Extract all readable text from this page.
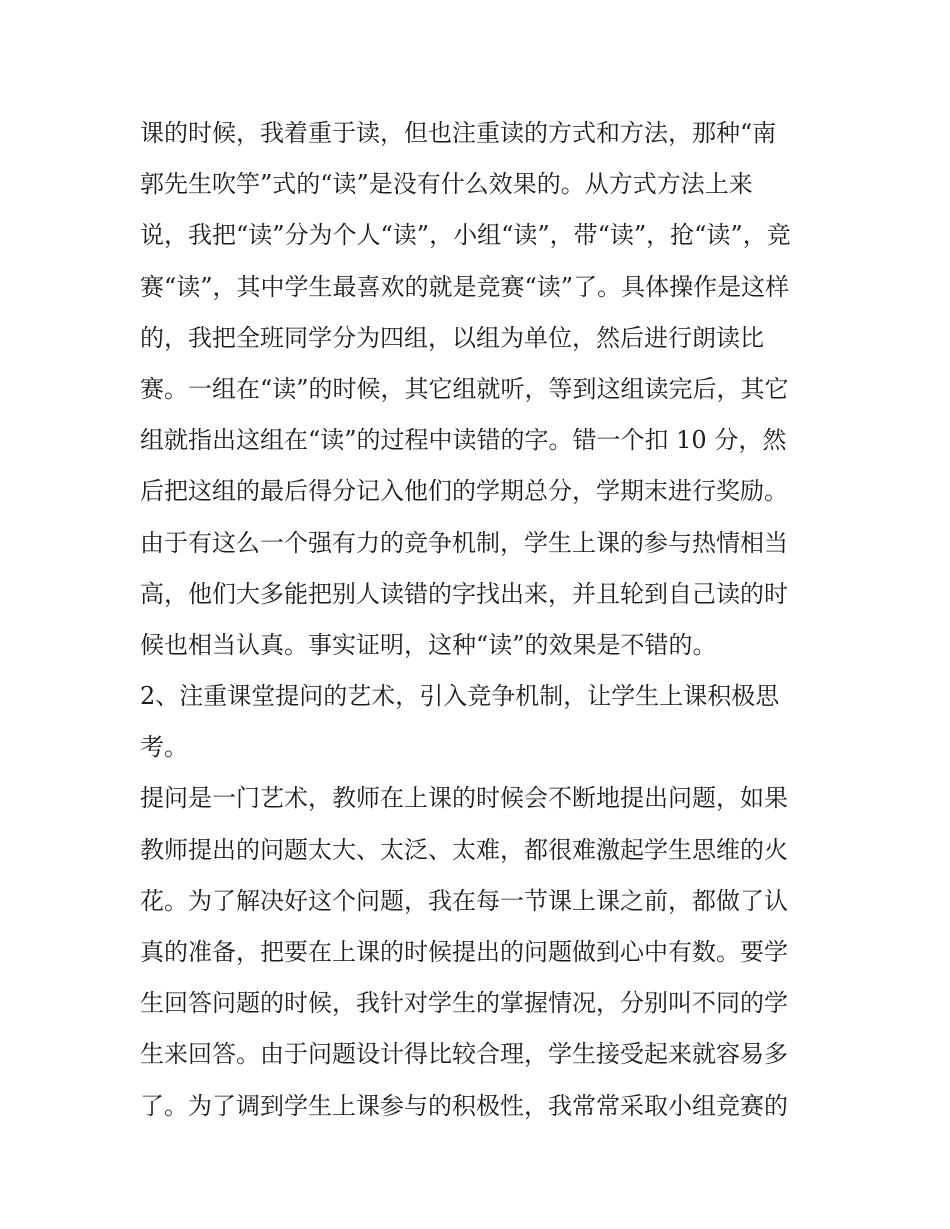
课的时候，我着重于读，但也注重读的方式和方法，那种“南
郭先生吹竽”式的“读”是没有什么效果的。从方式方法上来
说，我把“读”分为个人“读”，小组“读”，带“读”，抢“读”，竞
赛“读”，其中学生最喜欢的就是竞赛“读”了。具体操作是这样
的，我把全班同学分为四组，以组为单位，然后进行朗读比
赛。一组在“读”的时候，其它组就听，等到这组读完后，其它
组就指出这组在“读”的过程中读错的字。错一个扣 10 分，然
后把这组的最后得分记入他们的学期总分，学期末进行奖励。
由于有这么一个强有力的竞争机制，学生上课的参与热情相当
高，他们大多能把别人读错的字找出来，并且轮到自己读的时
候也相当认真。事实证明，这种“读”的效果是不错的。
2、注重课堂提问的艺术，引入竞争机制，让学生上课积极思
考。
提问是一门艺术，教师在上课的时候会不断地提出问题，如果
教师提出的问题太大、太泛、太难，都很难激起学生思维的火
花。为了解决好这个问题，我在每一节课上课之前，都做了认
真的准备，把要在上课的时候提出的问题做到心中有数。要学
生回答问题的时候，我针对学生的掌握情况，分别叫不同的学
生来回答。由于问题设计得比较合理，学生接受起来就容易多
了。为了调到学生上课参与的积极性，我常常采取小组竞赛的
